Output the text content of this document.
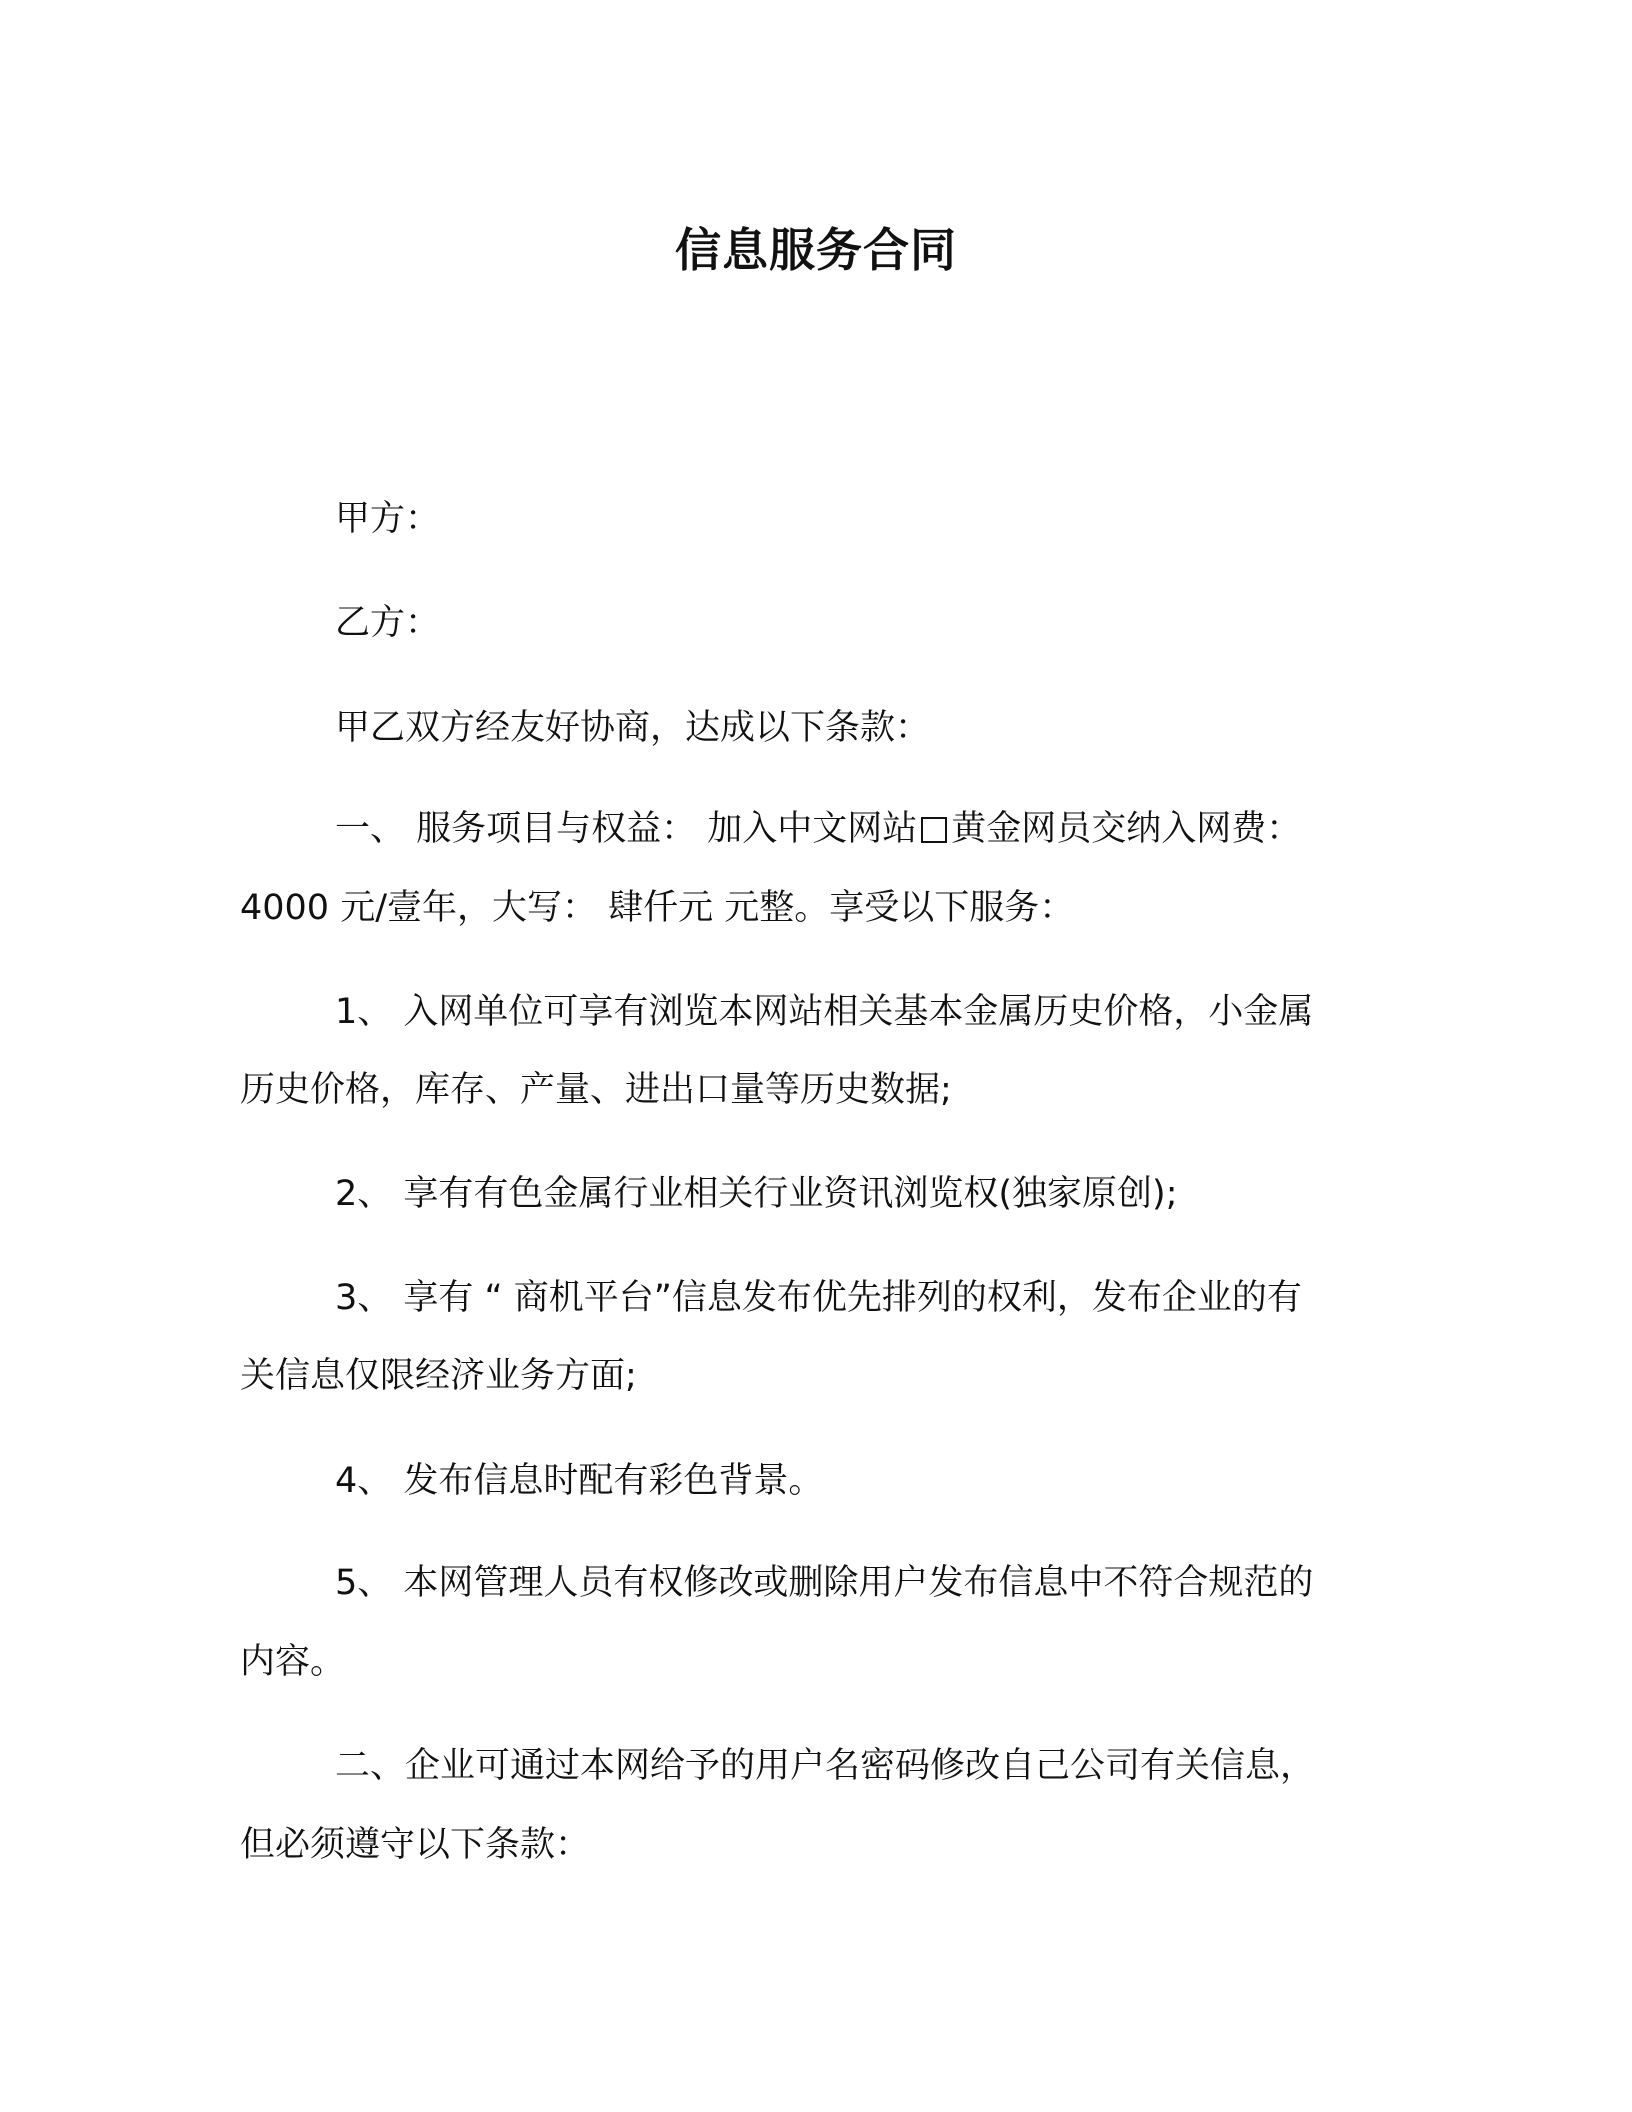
信息服务合同
甲方：
乙方：
甲乙双方经友好协商，达成以下条款：
一、 服务项目与权益： 加入中文网站 黄金网员交纳入网费：
4000 元/壹年，大写： 肆仟元 元整。享受以下服务：
1、 入网单位可享有浏览本网站相关基本金属历史价格，小金属
历史价格，库存、产量、进出口量等历史数据;
2、 享有有色金属行业相关行业资讯浏览权(独家原创);
3、 享有 “ 商机平台”信息发布优先排列的权利，发布企业的有
关信息仅限经济业务方面;
4、 发布信息时配有彩色背景。
5、 本网管理人员有权修改或删除用户发布信息中不符合规范的
内容。
二、企业可通过本网给予的用户名密码修改自己公司有关信息，
但必须遵守以下条款：
